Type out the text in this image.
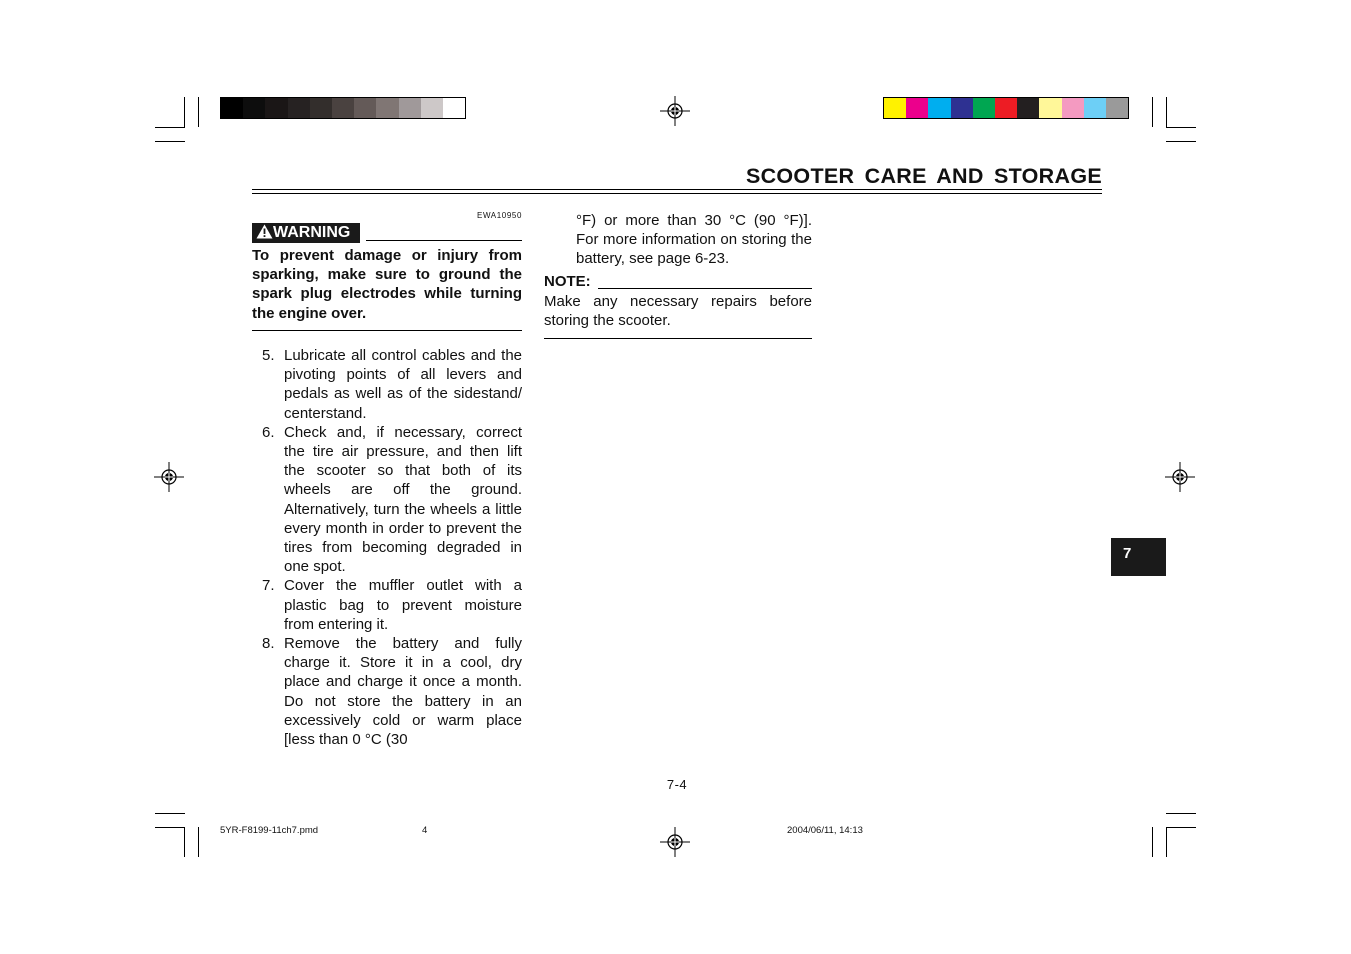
SCOOTER CARE AND STORAGE
EWA10950
WARNING
To prevent damage or injury from sparking, make sure to ground the spark plug electrodes while turning the engine over.
5. Lubricate all control cables and the pivoting points of all levers and pedals as well as of the sidestand/ centerstand.
6. Check and, if necessary, correct the tire air pressure, and then lift the scooter so that both of its wheels are off the ground. Alternatively, turn the wheels a little every month in order to prevent the tires from becoming degraded in one spot.
7. Cover the muffler outlet with a plastic bag to prevent moisture from entering it.
8. Remove the battery and fully charge it. Store it in a cool, dry place and charge it once a month. Do not store the battery in an excessively cold or warm place [less than 0 °C (30
°F) or more than 30 °C (90 °F)]. For more information on storing the battery, see page 6-23.
NOTE:
Make any necessary repairs before storing the scooter.
7
7-4
5YR-F8199-11ch7.pmd	4	2004/06/11, 14:13
